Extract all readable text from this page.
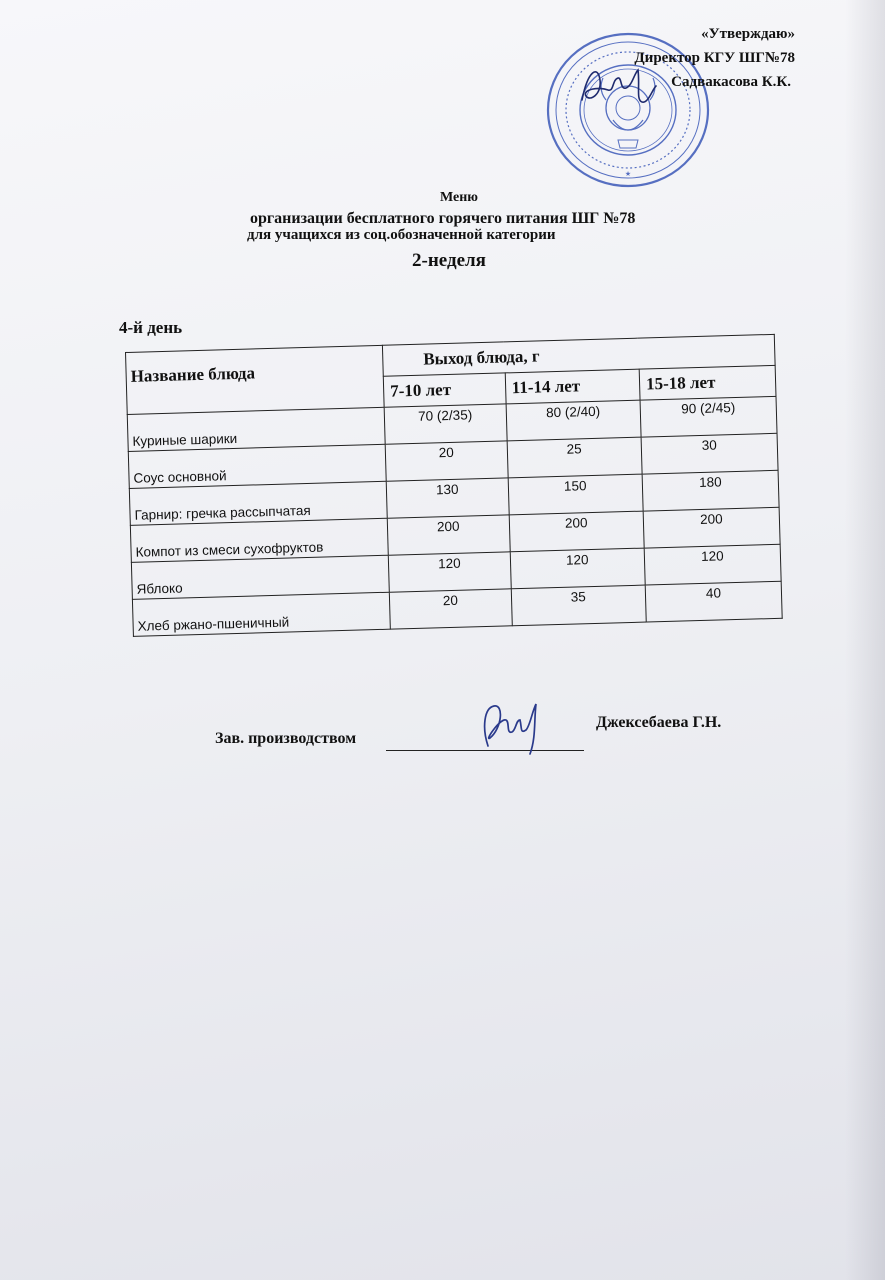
★
«Утверждаю»
Директор КГУ ШГ№78
Садвакасова К.К.
Меню
организации бесплатного горячего питания ШГ №78
для учащихся из соц.обозначенной категории
2-неделя
4-й день
Название блюда	Выход блюда, г		
	7-10 лет	11-14 лет	15-18 лет
Куриные шарики	70 (2/35)	80 (2/40)	90 (2/45)
Соус основной	20	25	30
Гарнир: гречка рассыпчатая	130	150	180
Компот из смеси сухофруктов	200	200	200
Яблоко	120	120	120
Хлеб ржано-пшеничный	20	35	40
Зав. производством
Джексебаева Г.Н.
